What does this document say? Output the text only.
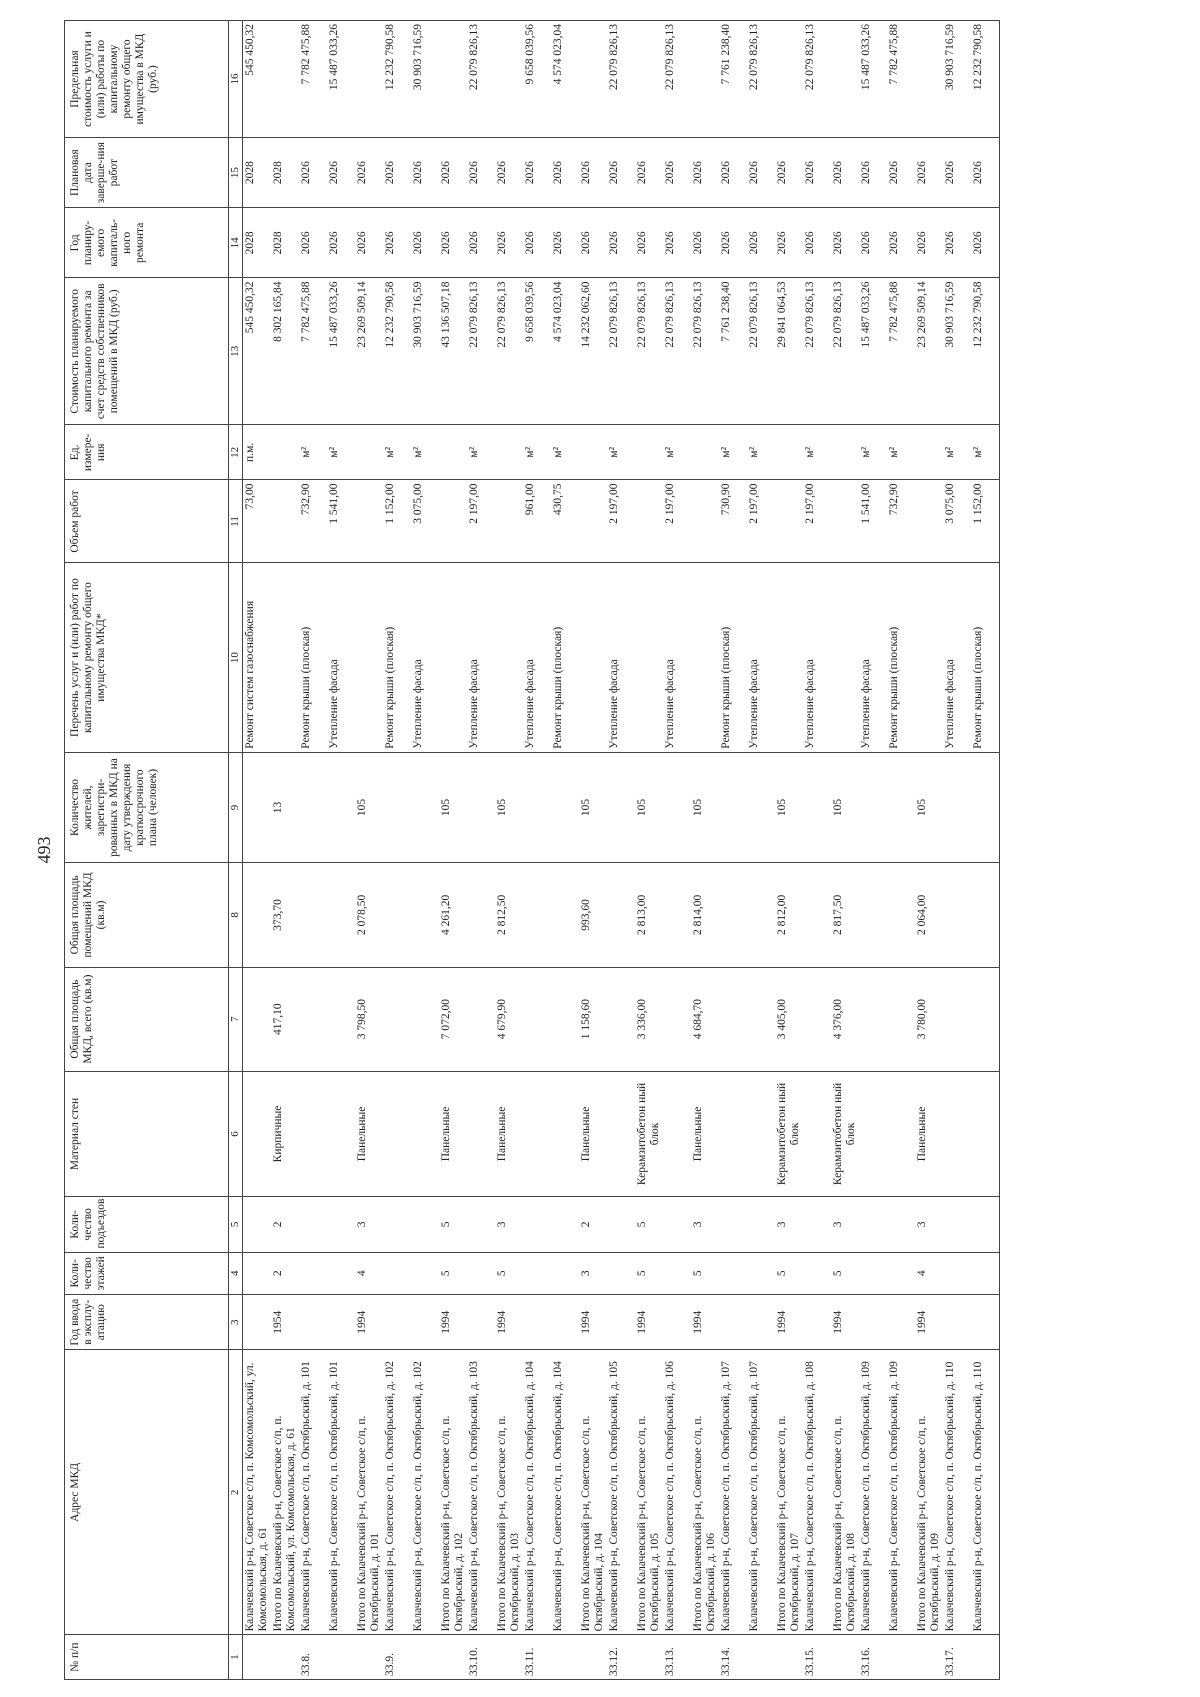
493
№ п/п	Адрес МКД	Год ввода в эксплу-атацию	Коли-чество этажей	Коли-чество подъездов	Материал стен	Общая площадь МКД, всего (кв.м)	Общая площадь помещений МКД (кв.м)	Количество жителей, зарегистри-рованных в МКД на дату утверждения краткосрочного плана (человек)	Перечень услуг и (или) работ по капитальному ремонту общего имущества МКД*	Объем работ	Ед. измере-ния	Стоимость планируемого капитального ремонта за счет средств собственников помещений в МКД (руб.)	Год планиру-емого капиталь-ного ремонта	Плановая дата заверше-ния работ	Предельная стоимость услуги и (или) работы по капитальному ремонту общего имущества в МКД (руб.)
1	2	3	4	5	6	7	8	9	10	11	12	13	14	15	16
	Калачевский р-н, Советское с/п, п. Комсомольский, ул. Комсомольская, д. 61								Ремонт систем газоснабжения	73,00	п.м.	545 450,32	2028	2028	545 450,32
	Итого по Калачевский р-н, Советское с/п, п. Комсомольский, ул. Комсомольская, д. 61	1954	2	2	Кирпичные	417,10	373,70	13				8 302 165,84	2028	2028	
33.8.	Калачевский р-н, Советское с/п, п. Октябрьский, д. 101								Ремонт крыши (плоская)	732,90	м²	7 782 475,88	2026	2026	7 782 475,88
	Калачевский р-н, Советское с/п, п. Октябрьский, д. 101								Утепление фасада	1 541,00	м²	15 487 033,26	2026	2026	15 487 033,26
	Итого по Калачевский р-н, Советское с/п, п. Октябрьский, д. 101	1994	4	3	Панельные	3 798,50	2 078,50	105				23 269 509,14	2026	2026	
33.9.	Калачевский р-н, Советское с/п, п. Октябрьский, д. 102								Ремонт крыши (плоская)	1 152,00	м²	12 232 790,58	2026	2026	12 232 790,58
	Калачевский р-н, Советское с/п, п. Октябрьский, д. 102								Утепление фасада	3 075,00	м²	30 903 716,59	2026	2026	30 903 716,59
	Итого по Калачевский р-н, Советское с/п, п. Октябрьский, д. 102	1994	5	5	Панельные	7 072,00	4 261,20	105				43 136 507,18	2026	2026	
33.10.	Калачевский р-н, Советское с/п, п. Октябрьский, д. 103								Утепление фасада	2 197,00	м²	22 079 826,13	2026	2026	22 079 826,13
	Итого по Калачевский р-н, Советское с/п, п. Октябрьский, д. 103	1994	5	3	Панельные	4 679,90	2 812,50	105				22 079 826,13	2026	2026	
33.11.	Калачевский р-н, Советское с/п, п. Октябрьский, д. 104								Утепление фасада	961,00	м²	9 658 039,56	2026	2026	9 658 039,56
	Калачевский р-н, Советское с/п, п. Октябрьский, д. 104								Ремонт крыши (плоская)	430,75	м²	4 574 023,04	2026	2026	4 574 023,04
	Итого по Калачевский р-н, Советское с/п, п. Октябрьский, д. 104	1994	3	2	Панельные	1 158,60	993,60	105				14 232 062,60	2026	2026	
33.12.	Калачевский р-н, Советское с/п, п. Октябрьский, д. 105								Утепление фасада	2 197,00	м²	22 079 826,13	2026	2026	22 079 826,13
	Итого по Калачевский р-н, Советское с/п, п. Октябрьский, д. 105	1994	5	5	Керамзитобетон ный блок	3 336,00	2 813,00	105				22 079 826,13	2026	2026	
33.13.	Калачевский р-н, Советское с/п, п. Октябрьский, д. 106								Утепление фасада	2 197,00	м²	22 079 826,13	2026	2026	22 079 826,13
	Итого по Калачевский р-н, Советское с/п, п. Октябрьский, д. 106	1994	5	3	Панельные	4 684,70	2 814,00	105				22 079 826,13	2026	2026	
33.14.	Калачевский р-н, Советское с/п, п. Октябрьский, д. 107								Ремонт крыши (плоская)	730,90	м²	7 761 238,40	2026	2026	7 761 238,40
	Калачевский р-н, Советское с/п, п. Октябрьский, д. 107								Утепление фасада	2 197,00	м²	22 079 826,13	2026	2026	22 079 826,13
	Итого по Калачевский р-н, Советское с/п, п. Октябрьский, д. 107	1994	5	3	Керамзитобетон ный блок	3 405,00	2 812,00	105				29 841 064,53	2026	2026	
33.15.	Калачевский р-н, Советское с/п, п. Октябрьский, д. 108								Утепление фасада	2 197,00	м²	22 079 826,13	2026	2026	22 079 826,13
	Итого по Калачевский р-н, Советское с/п, п. Октябрьский, д. 108	1994	5	3	Керамзитобетон ный блок	4 376,00	2 817,50	105				22 079 826,13	2026	2026	
33.16.	Калачевский р-н, Советское с/п, п. Октябрьский, д. 109								Утепление фасада	1 541,00	м²	15 487 033,26	2026	2026	15 487 033,26
	Калачевский р-н, Советское с/п, п. Октябрьский, д. 109								Ремонт крыши (плоская)	732,90	м²	7 782 475,88	2026	2026	7 782 475,88
	Итого по Калачевский р-н, Советское с/п, п. Октябрьский, д. 109	1994	4	3	Панельные	3 780,00	2 064,00	105				23 269 509,14	2026	2026	
33.17.	Калачевский р-н, Советское с/п, п. Октябрьский, д. 110								Утепление фасада	3 075,00	м²	30 903 716,59	2026	2026	30 903 716,59
	Калачевский р-н, Советское с/п, п. Октябрьский, д. 110								Ремонт крыши (плоская)	1 152,00	м²	12 232 790,58	2026	2026	12 232 790,58
